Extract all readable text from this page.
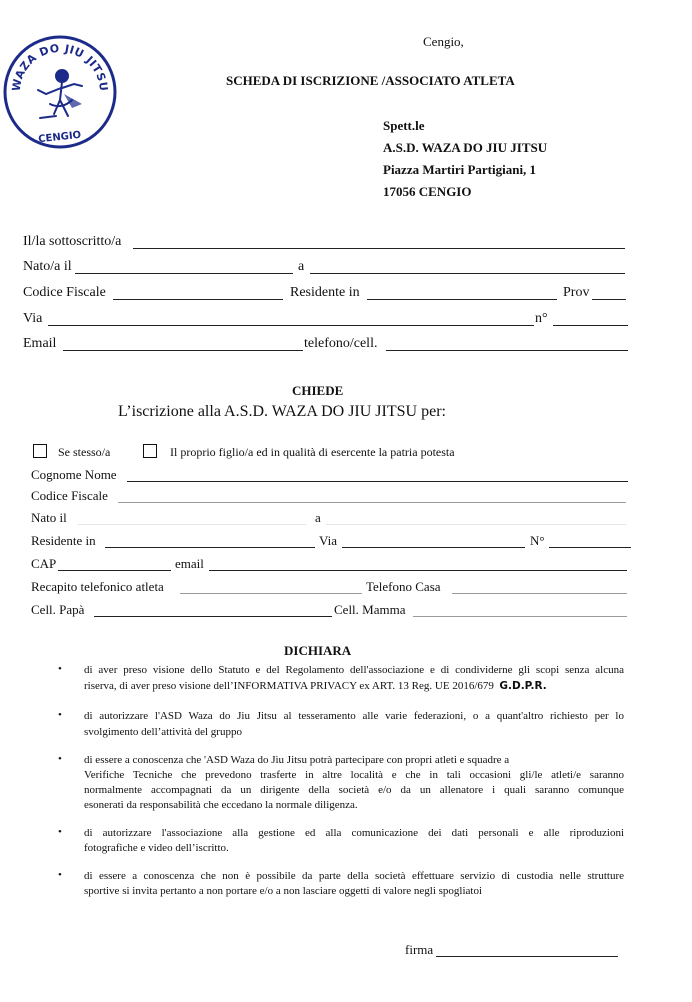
WAZA DO JIU JITSU
CENGIO
Cengio,
SCHEDA DI ISCRIZIONE /ASSOCIATO ATLETA
Spett.le
A.S.D. WAZA DO JIU JITSU
Piazza Martiri Partigiani, 1
17056 CENGIO
Il/la sottoscritto/a
Nato/a il	a
Codice Fiscale	Residente in	Prov
Via	n°
Email	telefono/cell.
CHIEDE
L’iscrizione alla A.S.D. WAZA DO JIU JITSU per:
Se stesso/a	Il proprio figlio/a ed in qualità di esercente la patria potesta
Cognome Nome
Codice Fiscale
Nato il	a
Residente in	Via	N°
CAP	email
Recapito telefonico atleta	Telefono Casa
Cell. Papà	Cell. Mamma
DICHIARA
• di aver preso visione dello Statuto e del Regolamento dell'associazione e di condividerne gli scopi senza alcuna
riserva, di aver preso visione dell’INFORMATIVA PRIVACY ex ART. 13 Reg. UE 2016/679 G.D.P.R.
• di autorizzare l'ASD Waza do Jiu Jitsu al tesseramento alle varie federazioni, o a quant'altro richiesto per lo
svolgimento dell’attività del gruppo
• di essere a conoscenza che 'ASD Waza do Jiu Jitsu potrà partecipare con propri atleti e squadre a
Verifiche Tecniche che prevedono trasferte in altre località e che in tali occasioni gli/le atleti/e saranno
normalmente accompagnati da un dirigente della società e/o da un allenatore i quali saranno comunque
esonerati da responsabilità che eccedano la normale diligenza.
• di autorizzare l'associazione alla gestione ed alla comunicazione dei dati personali e alle riproduzioni
fotografiche e video dell’iscritto.
• di essere a conoscenza che non è possibile da parte della società effettuare servizio di custodia nelle strutture
sportive si invita pertanto a non portare e/o a non lasciare oggetti di valore negli spogliatoi
firma
